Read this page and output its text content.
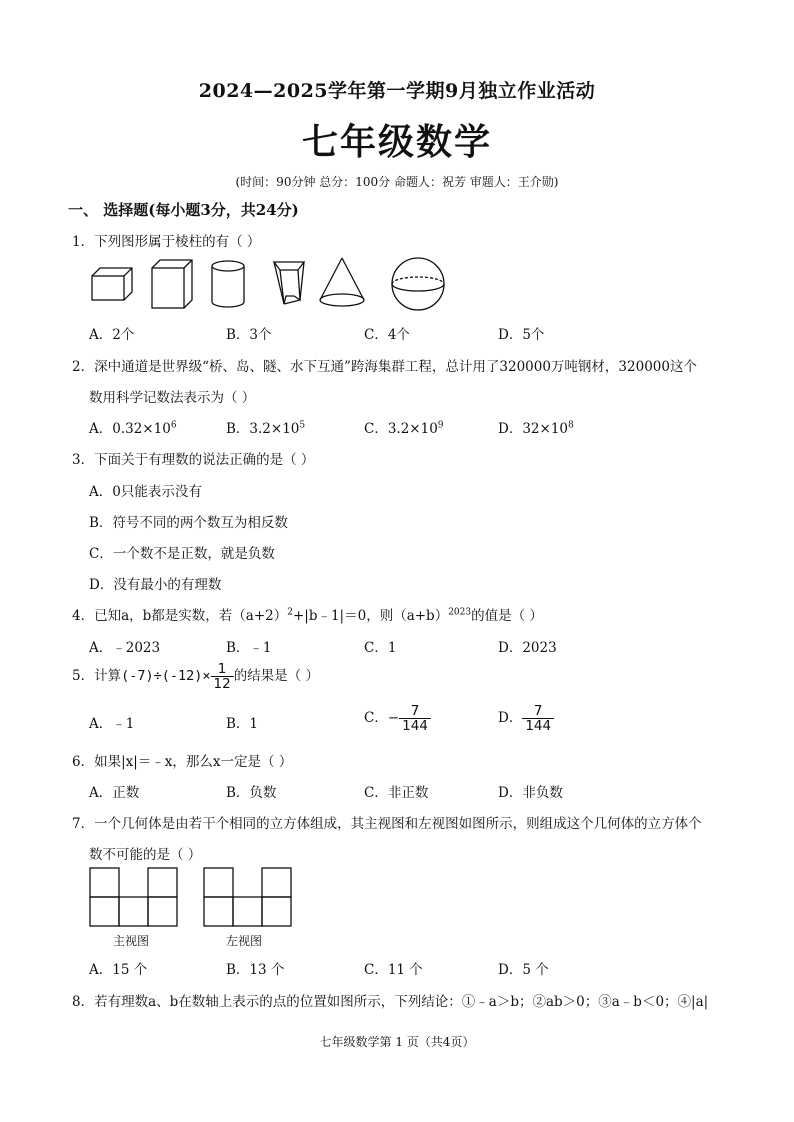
2024—2025学年第一学期9月独立作业活动
七年级数学
(时间：90分钟 总分：100分 命题人：祝芳 审题人：王介勋)
一、 选择题(每小题3分，共24分)
1．下列图形属于棱柱的有（ ）
A．2个	B．3个	C．4个	D．5个
2．深中通道是世界级“桥、岛、隧、水下互通”跨海集群工程，总计用了320000万吨钢材，320000这个
数用科学记数法表示为（ ）
A．$0.32\times 10^6$	B．$3.2\times 10^5$	C．$3.2\times 10^9$	D．$32\times 10^8$
3．下面关于有理数的说法正确的是（ ）
A．0只能表示没有
B．符号不同的两个数互为相反数
C．一个数不是正数，就是负数
D．没有最小的有理数
4．已知a，b都是实数，若$(a+2)^2+|b﹣1|=0$，则$(a+b)^{2023}$的值是（ ）
A．﹣2023	B．﹣1	C．1	D．2023
5．计算$(-7)\div(-12)\times \frac{1}{12}$ 的结果是（ ）
A．﹣1	B．1	C．− $\frac{7}{144}$	D． $\frac{7}{144}$
6．如果|x|＝﹣x，那么x一定是（ ）
A．正数	B．负数	C．非正数	D．非负数
7．一个几何体是由若干个相同的立方体组成，其主视图和左视图如图所示，则组成这个几何体的立方体个
数不可能的是（ ）
主视图	左视图
A．15 个	B．13 个	C．11 个	D．5 个
8．若有理数a、b在数轴上表示的点的位置如图所示，下列结论：①﹣a＞b；②ab＞0；③a﹣b＜0；④|a|
七年级数学第 1 页（共4页）
